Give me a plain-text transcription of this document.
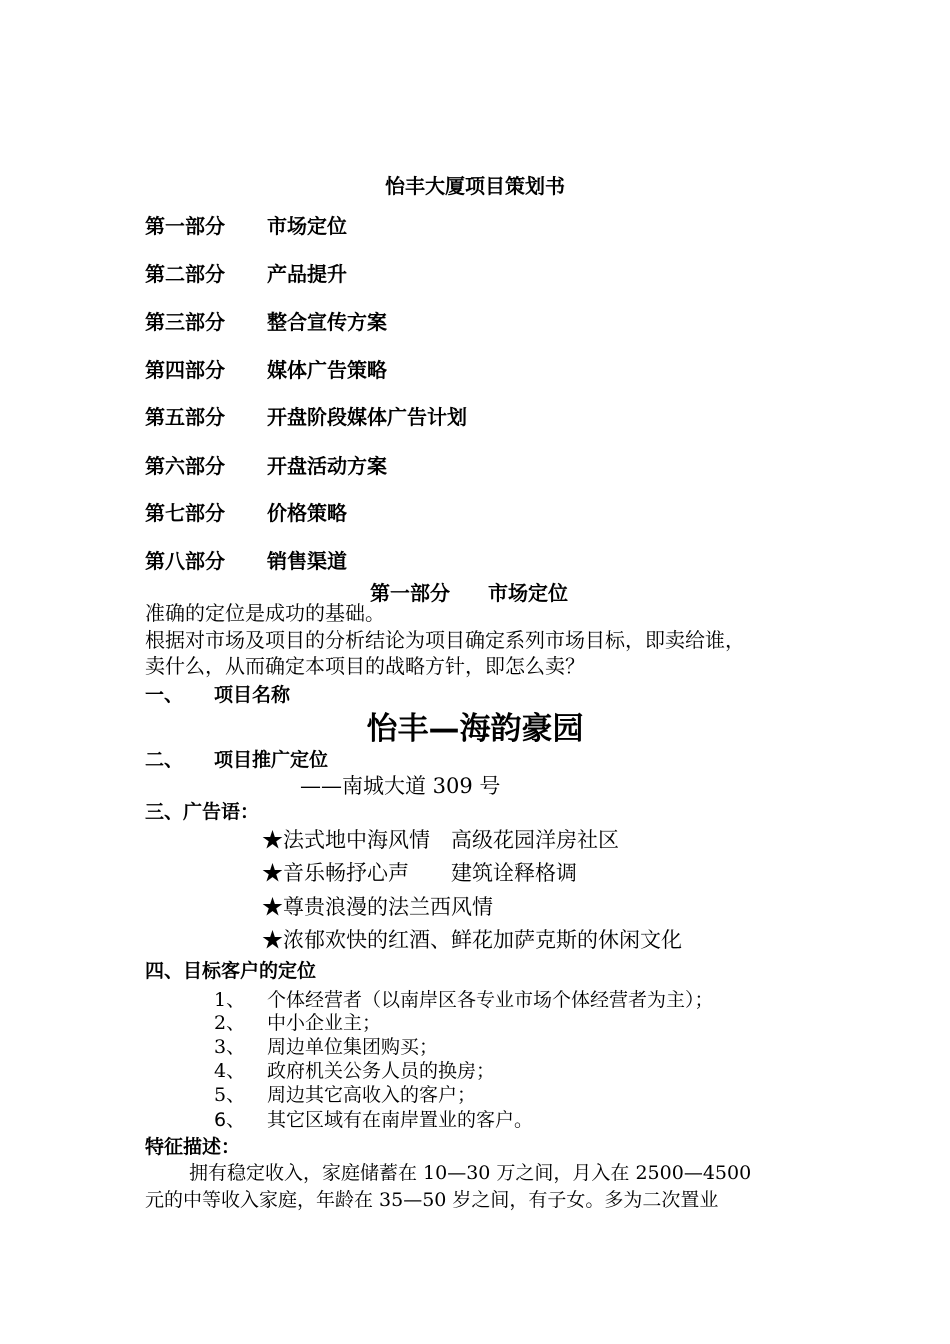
怡丰大厦项目策划书
第一部分 市场定位
第二部分 产品提升
第三部分 整合宣传方案
第四部分 媒体广告策略
第五部分 开盘阶段媒体广告计划
第六部分 开盘活动方案
第七部分 价格策略
第八部分 销售渠道
第一部分 市场定位
准确的定位是成功的基础。
根据对市场及项目的分析结论为项目确定系列市场目标，即卖给谁，
卖什么，从而确定本项目的战略方针，即怎么卖？
一、 项目名称
怡丰—海韵豪园
二、 项目推广定位
——南城大道 309 号
三、广告语：
★法式地中海风情　高级花园洋房社区
★音乐畅抒心声　　建筑诠释格调
★尊贵浪漫的法兰西风情
★浓郁欢快的红酒、鲜花加萨克斯的休闲文化
四、目标客户的定位
1、 个体经营者（以南岸区各专业市场个体经营者为主）；
2、 中小企业主；
3、 周边单位集团购买；
4、 政府机关公务人员的换房；
5、 周边其它高收入的客户；
6、 其它区域有在南岸置业的客户。
特征描述：
拥有稳定收入，家庭储蓄在 10—30 万之间，月入在 2500—4500
元的中等收入家庭，年龄在 35—50 岁之间，有子女。多为二次置业
